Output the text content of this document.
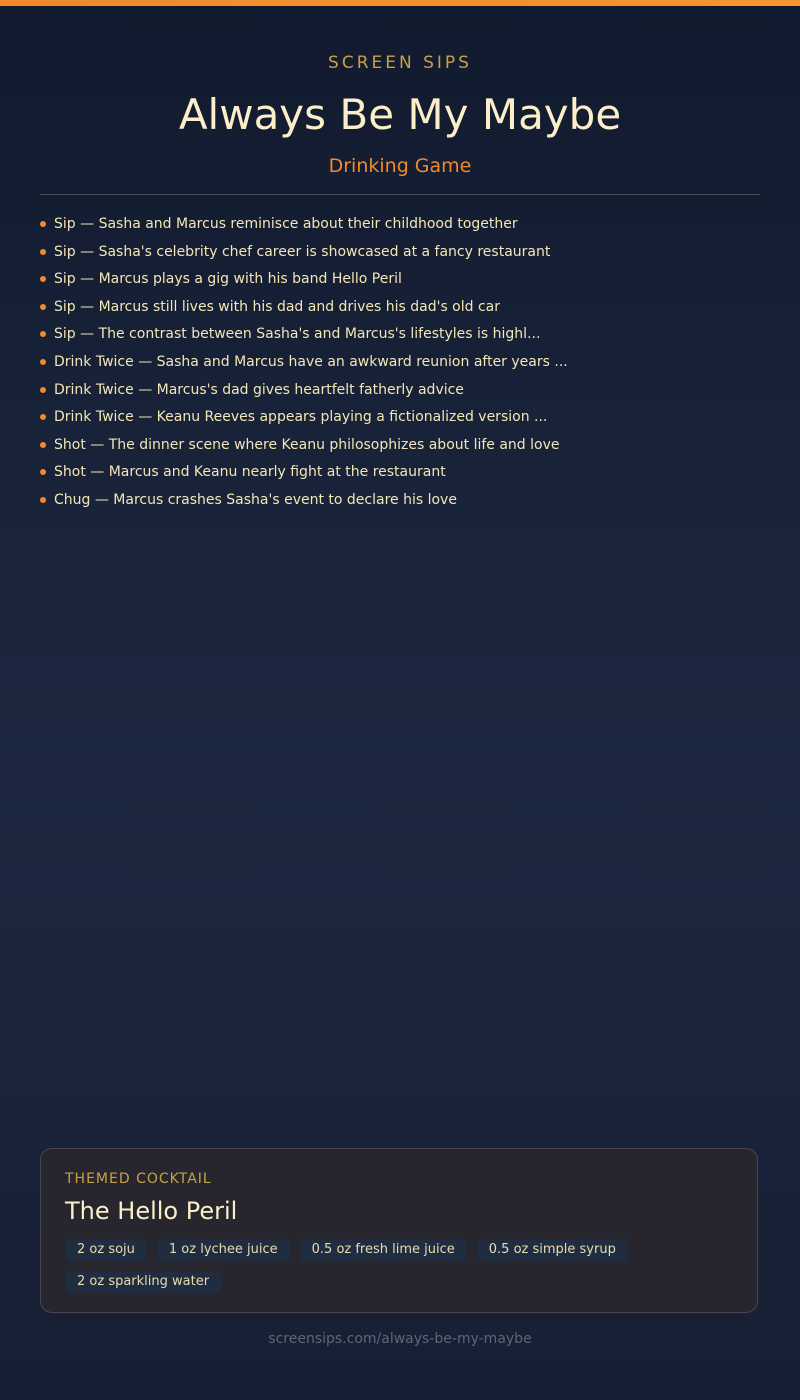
SCREEN SIPS

Always Be My Maybe

Drinking Game

Sip — Sasha and Marcus reminisce about their childhood together
Sip — Sasha's celebrity chef career is showcased at a fancy restaurant
Sip — Marcus plays a gig with his band Hello Peril
Sip — Marcus still lives with his dad and drives his dad's old car
Sip — The contrast between Sasha's and Marcus's lifestyles is highl...
Drink Twice — Sasha and Marcus have an awkward reunion after years ...
Drink Twice — Marcus's dad gives heartfelt fatherly advice
Drink Twice — Keanu Reeves appears playing a fictionalized version ...
Shot — The dinner scene where Keanu philosophizes about life and love
Shot — Marcus and Keanu nearly fight at the restaurant
Chug — Marcus crashes Sasha's event to declare his love

THEMED COCKTAIL

The Hello Peril
2 oz soju	1 oz lychee juice	0.5 oz fresh lime juice	0.5 oz simple syrup
2 oz sparkling water
screensips.com/always-be-my-maybe
